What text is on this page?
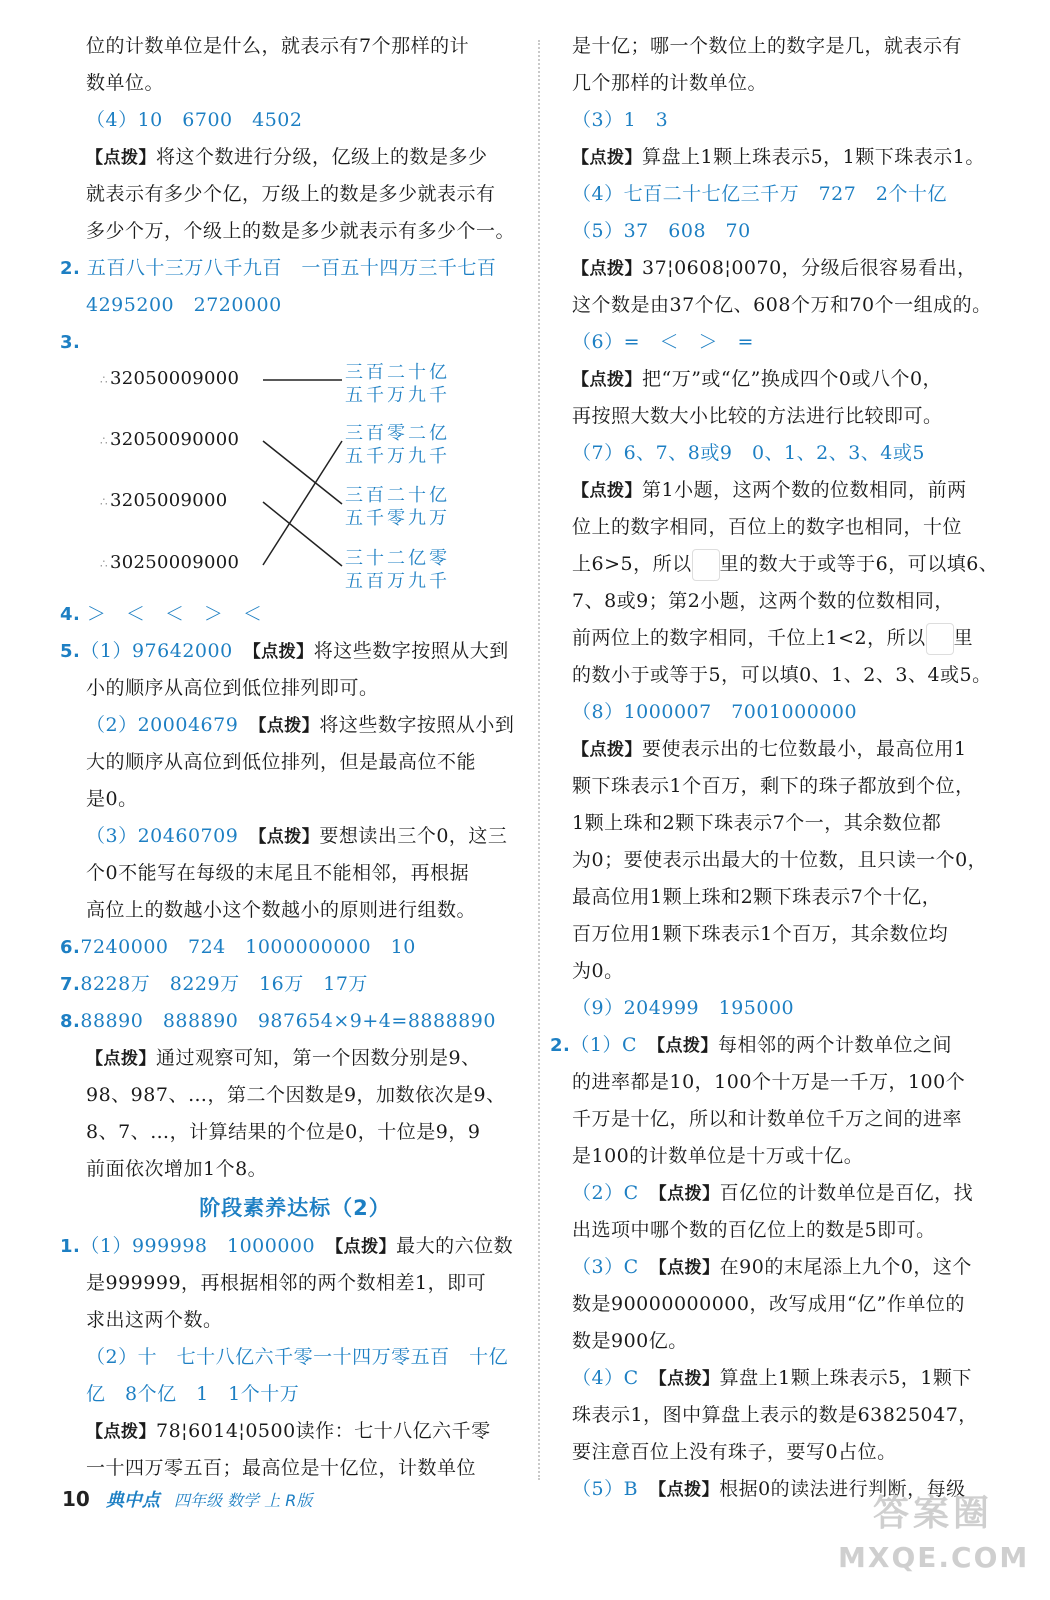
位的计数单位是什么，就表示有7个那样的计
数单位。
（4）10　6700　4502
【点拨】将这个数进行分级，亿级上的数是多少
就表示有多少个亿，万级上的数是多少就表示有
多少个万，个级上的数是多少就表示有多少个一。
2. 五百八十三万八千九百　一百五十四万三千七百
4295200　2720000
3.
∴ 32050009000
∴ 32050090000
∴ 3205009000
∴ 30250009000
三百二十亿
五千万九千
三百零二亿
五千万九千
三百二十亿
五千零九万
三十二亿零
五百万九千
4. ＞　＜　＜　＞　＜
5.（1）97642000　 【点拨】将这些数字按照从大到
小的顺序从高位到低位排列即可。
（2）20004679　 【点拨】将这些数字按照从小到
大的顺序从高位到低位排列，但是最高位不能
是0。
（3）20460709　 【点拨】要想读出三个0，这三
个0不能写在每级的末尾且不能相邻，再根据
高位上的数越小这个数越小的原则进行组数。
6.7240000　724　1000000000　10
7.8228万　8229万　16万　17万
8.88890　888890　987654×9+4=8888890
【点拨】通过观察可知，第一个因数分别是9、
98、987、…，第二个因数是9，加数依次是9、
8、7、…，计算结果的个位是0，十位是9，9
前面依次增加1个8。
阶段素养达标（2）
1.（1）999998　1000000　 【点拨】最大的六位数
是999999，再根据相邻的两个数相差1，即可
求出这两个数。
（2）十　七十八亿六千零一十四万零五百　十亿
亿　8个亿　1　1个十万
【点拨】78¦6014¦0500读作：七十八亿六千零
一十四万零五百；最高位是十亿位，计数单位
是十亿；哪一个数位上的数字是几，就表示有
几个那样的计数单位。
（3）1　3
【点拨】算盘上1颗上珠表示5，1颗下珠表示1。
（4）七百二十七亿三千万　727　2个十亿
（5）37　608　70
【点拨】37¦0608¦0070，分级后很容易看出，
这个数是由37个亿、608个万和70个一组成的。
（6）=　＜　＞　=
【点拨】把“万”或“亿”换成四个0或八个0，
再按照大数大小比较的方法进行比较即可。
（7）6、7、8或9　0、1、2、3、4或5
【点拨】第1小题，这两个数的位数相同，前两
位上的数字相同，百位上的数字也相同，十位
上6>5，所以 里的数大于或等于6，可以填6、
7、8或9；第2小题，这两个数的位数相同，
前两位上的数字相同，千位上1<2，所以 里
的数小于或等于5，可以填0、1、2、3、4或5。
（8）1000007　7001000000
【点拨】要使表示出的七位数最小，最高位用1
颗下珠表示1个百万，剩下的珠子都放到个位，
1颗上珠和2颗下珠表示7个一，其余数位都
为0；要使表示出最大的十位数，且只读一个0，
最高位用1颗上珠和2颗下珠表示7个十亿，
百万位用1颗下珠表示1个百万，其余数位均
为0。
（9）204999　195000
2.（1）C　 【点拨】每相邻的两个计数单位之间
的进率都是10，100个十万是一千万，100个
千万是十亿，所以和计数单位千万之间的进率
是100的计数单位是十万或十亿。
（2）C　 【点拨】百亿位的计数单位是百亿，找
出选项中哪个数的百亿位上的数是5即可。
（3）C　 【点拨】在90的末尾添上九个0，这个
数是90000000000，改写成用“亿”作单位的
数是900亿。
（4）C　 【点拨】算盘上1颗上珠表示5，1颗下
珠表示1，图中算盘上表示的数是63825047，
要注意百位上没有珠子，要写0占位。
（5）B　 【点拨】根据0的读法进行判断，每级
10 典中点 四年级 数学 上 R版	答案圈
MXQE.COM
